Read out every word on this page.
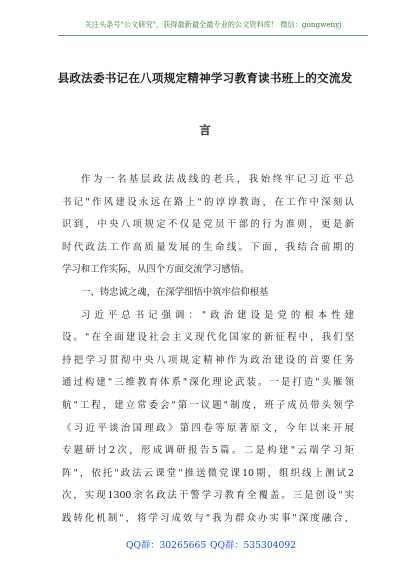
关注头条号"公文研究"，获得最新最全最专业的公文资料库！ 微信：gongwenyj
县政法委书记在八项规定精神学习教育读书班上的交流发
言
作为一名基层政法战线的老兵，我始终牢记习近平总
书记"作风建设永远在路上"的谆谆教诲，在工作中深刻认
识到，中央八项规定不仅是党员干部的行为准则，更是新
时代政法工作高质量发展的生命线。下面，我结合前期的
学习和工作实际，从四个方面交流学习感悟。
一、铸忠诚之魂，在深学细悟中筑牢信仰根基
习近平总书记强调："政治建设是党的根本性建
设。"在全面建设社会主义现代化国家的新征程中，我们坚
持把学习贯彻中央八项规定精神作为政治建设的首要任务
通过构建"三维教育体系"深化理论武装。一是打造"头雁领
航"工程，建立常委会"第一议题"制度，班子成员带头领学
《习近平谈治国理政》第四卷等原著原文，今年以来开展
专题研讨2次，形成调研报告5篇。二是构建"云端学习矩
阵"，依托"政法云课堂"推送微党课10期，组织线上测试2
次，实现1300余名政法干警学习教育全覆盖。三是创设"实
践转化机制"，将学习成效与"我为群众办实事"深度融合，
QQ群：30265665 QQ群：535304092
